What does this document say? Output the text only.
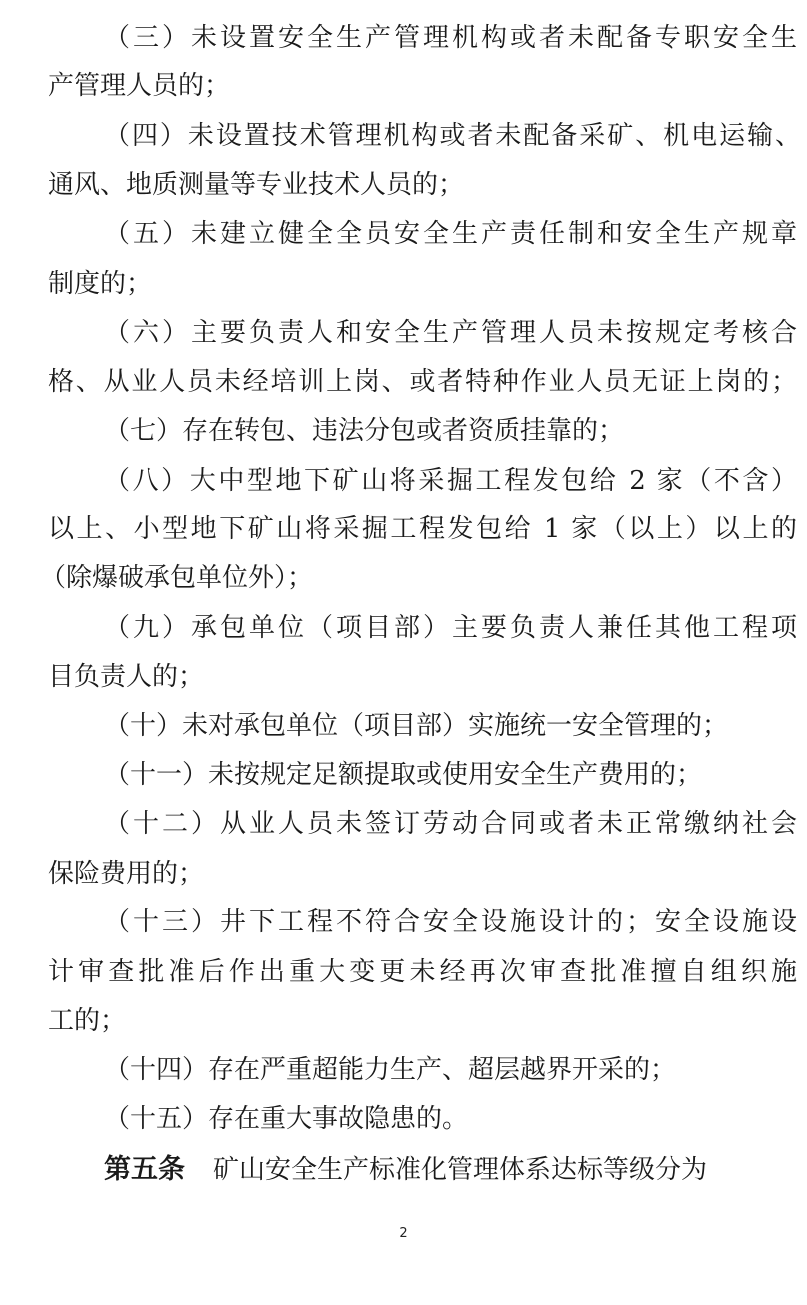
（三）未设置安全生产管理机构或者未配备专职安全生
产管理人员的；
（四）未设置技术管理机构或者未配备采矿、机电运输、
通风、地质测量等专业技术人员的；
（五）未建立健全全员安全生产责任制和安全生产规章
制度的；
（六）主要负责人和安全生产管理人员未按规定考核合
格、从业人员未经培训上岗、或者特种作业人员无证上岗的；
（七）存在转包、违法分包或者资质挂靠的；
（八）大中型地下矿山将采掘工程发包给 2 家（不含）
以上、小型地下矿山将采掘工程发包给 1 家（以上）以上的
（除爆破承包单位外）；
（九）承包单位（项目部）主要负责人兼任其他工程项
目负责人的；
（十）未对承包单位（项目部）实施统一安全管理的；
（十一）未按规定足额提取或使用安全生产费用的；
（十二）从业人员未签订劳动合同或者未正常缴纳社会
保险费用的；
（十三）井下工程不符合安全设施设计的；安全设施设
计审查批准后作出重大变更未经再次审查批准擅自组织施
工的；
（十四）存在严重超能力生产、超层越界开采的；
（十五）存在重大事故隐患的。
第五条 矿山安全生产标准化管理体系达标等级分为
2
